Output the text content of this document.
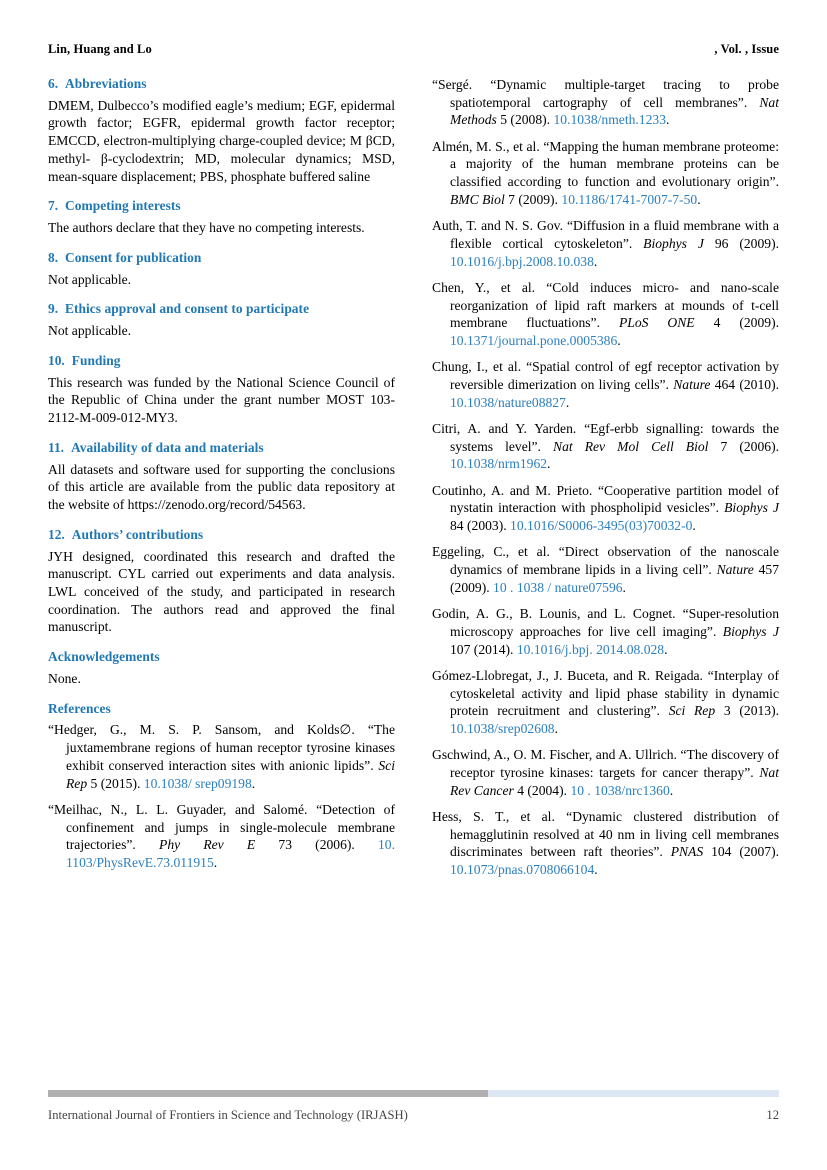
Lin, Huang and Lo	, Vol. , Issue
6. Abbreviations

DMEM, Dulbecco’s modified eagle’s medium; EGF, epidermal growth factor; EGFR, epidermal growth factor receptor; EMCCD, electron-multiplying charge-coupled device; M βCD, methyl- β-cyclodextrin; MD, molecular dynamics; MSD, mean-square displacement; PBS, phosphate buffered saline

7. Competing interests

The authors declare that they have no competing interests.

8. Consent for publication

Not applicable.

9. Ethics approval and consent to participate

Not applicable.

10. Funding

This research was funded by the National Science Council of the Republic of China under the grant number MOST 103-2112-M-009-012-MY3.

11. Availability of data and materials

All datasets and software used for supporting the conclusions of this article are available from the public data repository at the website of https://zenodo.org/record/54563.

12. Authors’ contributions

JYH designed, coordinated this research and drafted the manuscript. CYL carried out experiments and data analysis. LWL conceived of the study, and participated in research coordination. The authors read and approved the final manuscript.

Acknowledgements

None.

References

“Hedger, G., M. S. P. Sansom, and Kolds∅. “The juxtamembrane regions of human receptor tyrosine kinases exhibit conserved interaction sites with anionic lipids”. Sci Rep 5 (2015). 10.1038/ srep09198.

“Meilhac, N., L. L. Guyader, and Salomé. “Detection of confinement and jumps in single-molecule membrane trajectories”. Phy Rev E 73 (2006). 10. 1103/PhysRevE.73.011915.

“Sergé. “Dynamic multiple-target tracing to probe spatiotemporal cartography of cell membranes”. Nat Methods 5 (2008). 10.1038/nmeth.1233.

Almén, M. S., et al. “Mapping the human membrane proteome: a majority of the human membrane proteins can be classified according to function and evolutionary origin”. BMC Biol 7 (2009). 10.1186/1741-7007-7-50.

Auth, T. and N. S. Gov. “Diffusion in a fluid membrane with a flexible cortical cytoskeleton”. Biophys J 96 (2009). 10.1016/j.bpj.2008.10.038.

Chen, Y., et al. “Cold induces micro- and nano-scale reorganization of lipid raft markers at mounds of t-cell membrane fluctuations”. PLoS ONE 4 (2009). 10.1371/journal.pone.0005386.

Chung, I., et al. “Spatial control of egf receptor activation by reversible dimerization on living cells”. Nature 464 (2010). 10.1038/nature08827.

Citri, A. and Y. Yarden. “Egf-erbb signalling: towards the systems level”. Nat Rev Mol Cell Biol 7 (2006). 10.1038/nrm1962.

Coutinho, A. and M. Prieto. “Cooperative partition model of nystatin interaction with phospholipid vesicles”. Biophys J 84 (2003). 10.1016/S0006-3495(03)70032-0.

Eggeling, C., et al. “Direct observation of the nanoscale dynamics of membrane lipids in a living cell”. Nature 457 (2009). 10 . 1038 / nature07596.

Godin, A. G., B. Lounis, and L. Cognet. “Super-resolution microscopy approaches for live cell imaging”. Biophys J 107 (2014). 10.1016/j.bpj. 2014.08.028.

Gómez-Llobregat, J., J. Buceta, and R. Reigada. “Interplay of cytoskeletal activity and lipid phase stability in dynamic protein recruitment and clustering”. Sci Rep 3 (2013). 10.1038/srep02608.

Gschwind, A., O. M. Fischer, and A. Ullrich. “The discovery of receptor tyrosine kinases: targets for cancer therapy”. Nat Rev Cancer 4 (2004). 10 . 1038/nrc1360.

Hess, S. T., et al. “Dynamic clustered distribution of hemagglutinin resolved at 40 nm in living cell membranes discriminates between raft theories”. PNAS 104 (2007). 10.1073/pnas.0708066104.

International Journal of Frontiers in Science and Technology (IRJASH)	12
